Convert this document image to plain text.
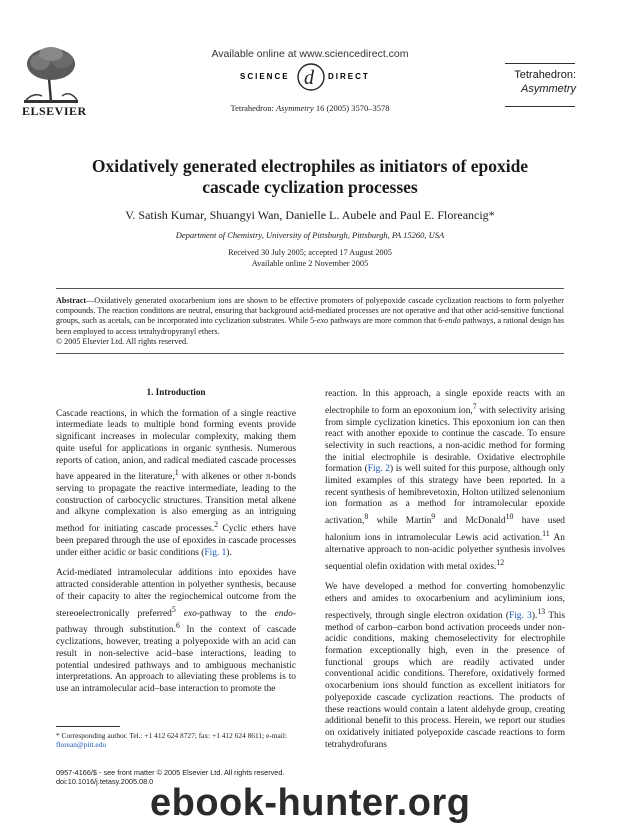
ELSEVIER
Available online at www.sciencedirect.com
SCIENCE d DIRECT
Tetrahedron: Asymmetry 16 (2005) 3570–3578
Tetrahedron:
Asymmetry
Oxidatively generated electrophiles as initiators of epoxide
cascade cyclization processes
V. Satish Kumar, Shuangyi Wan, Danielle L. Aubele and Paul E. Floreancig*
Department of Chemistry, University of Pittsburgh, Pittsburgh, PA 15260, USA
Received 30 July 2005; accepted 17 August 2005
Available online 2 November 2005
Abstract—Oxidatively generated oxocarbenium ions are shown to be effective promoters of polyepoxide cascade cyclization reactions to form polyether compounds. The reaction conditions are neutral, ensuring that background acid-mediated processes are not operative and that other acid-sensitive functional groups, such as acetals, can be incorporated into cyclization substrates. While 5-exo pathways are more common that 6-endo pathways, a rational design has been employed to access tetrahydropyranyl ethers.
© 2005 Elsevier Ltd. All rights reserved.
1. Introduction
Cascade reactions, in which the formation of a single reactive intermediate leads to multiple bond forming events provide significant increases in molecular complexity, making them quite useful for applications in organic synthesis. Numerous reports of cation, anion, and radical mediated cascade processes have appeared in the literature,$^1$ with alkenes or other π-bonds serving to propagate the reactive intermediate, leading to the construction of carbocyclic structures. Transition metal alkene and alkyne complexation is also emerging as an intriguing method for initiating cascade processes.$^2$ Cyclic ethers have been prepared through the use of epoxides in cascade processes under either acidic or basic conditions (Fig. 1).
Acid-mediated intramolecular additions into epoxides have attracted considerable attention in polyether synthesis, because of their capacity to alter the regiochemical outcome from the stereoelectronically preferred$^5$ exo-pathway to the endo-pathway through substitution.$^6$ In the context of cascade cyclizations, however, treating a polyepoxide with an acid can result in non-selective acid–base interactions, leading to potential undesired pathways and to ambiguous mechanistic interpretations. An approach to alleviating these problems is to use an intramolecular acid–base interaction to promote the
reaction. In this approach, a single epoxide reacts with an electrophile to form an epoxonium ion,$^7$ with selectivity arising from simple cyclization kinetics. This epoxonium ion can then react with another epoxide to continue the cascade. To ensure selectivity in such reactions, a non-acidic method for forming the initial electrophile is desirable. Oxidative electrophile formation (Fig. 2) is well suited for this purpose, although only limited examples of this strategy have been reported. In a recent synthesis of hemibrevetoxin, Holton utilized selenonium ion formation as a method for intramolecular epoxide activation,$^8$ while Martín$^9$ and McDonald$^{10}$ have used halonium ions in intramolecular Lewis acid activation.$^{11}$ An alternative approach to non-acidic polyether synthesis involves sequential olefin oxidation with metal oxides.$^{12}$
We have developed a method for converting homobenzylic ethers and amides to oxocarbenium and acyliminium ions, respectively, through single electron oxidation (Fig. 3).$^{13}$ This method of carbon–carbon bond activation proceeds under non-acidic conditions, making chemoselectivity for electrophile formation exceptionally high, even in the presence of functional groups which are readily activated under conventional acidic conditions. Therefore, oxidatively formed oxocarbenium ions should function as excellent initiators for polyepoxide cascade cyclization reactions. The products of these reactions would contain a latent aldehyde group, creating additional benefit to this process. Herein, we report our studies on oxidatively initiated polyepoxide cascade reactions to form tetrahydrofurans
* Corresponding author. Tel.: +1 412 624 8727; fax: +1 412 624 8611; e-mail: florean@pitt.edu
0957-4166/$ - see front matter © 2005 Elsevier Ltd. All rights reserved.
doi:10.1016/j.tetasy.2005.08.0
ebook-hunter.org
